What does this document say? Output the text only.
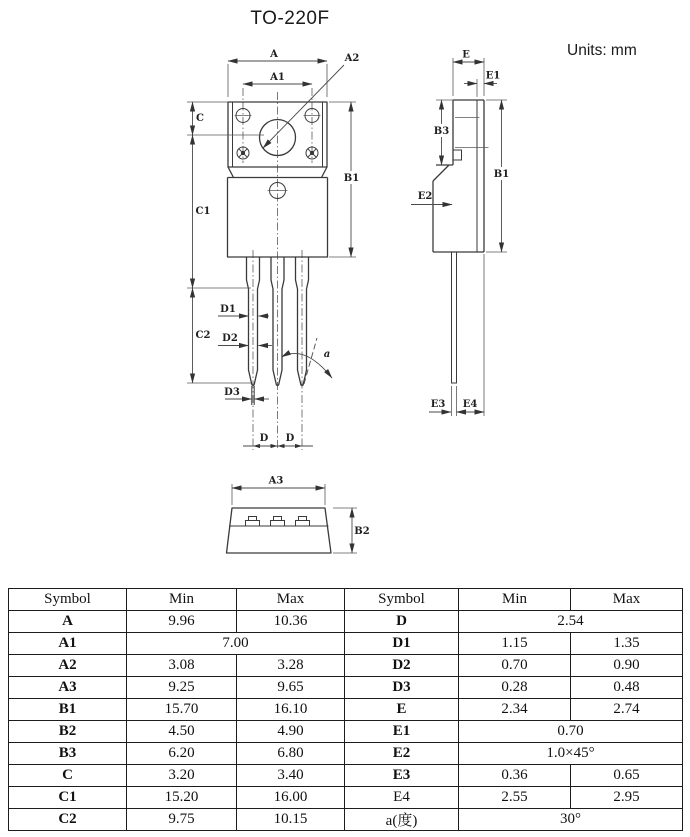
TO-220F
Units: mm
A
A1
A2
B1
C
C1
C2
D1
D2
D3
D D
a
E
E1
B3
B1
E2
E3 E4
A3
B2
Symbol	Min	Max	Symbol	Min	Max
A	9.96	10.36	D	2.54	
A1	7.00		D1	1.15	1.35
A2	3.08	3.28	D2	0.70	0.90
A3	9.25	9.65	D3	0.28	0.48
B1	15.70	16.10	E	2.34	2.74
B2	4.50	4.90	E1	0.70	
B3	6.20	6.80	E2	1.0×45°	
C	3.20	3.40	E3	0.36	0.65
C1	15.20	16.00	E4	2.55	2.95
C2	9.75	10.15	a(度)	30°	
